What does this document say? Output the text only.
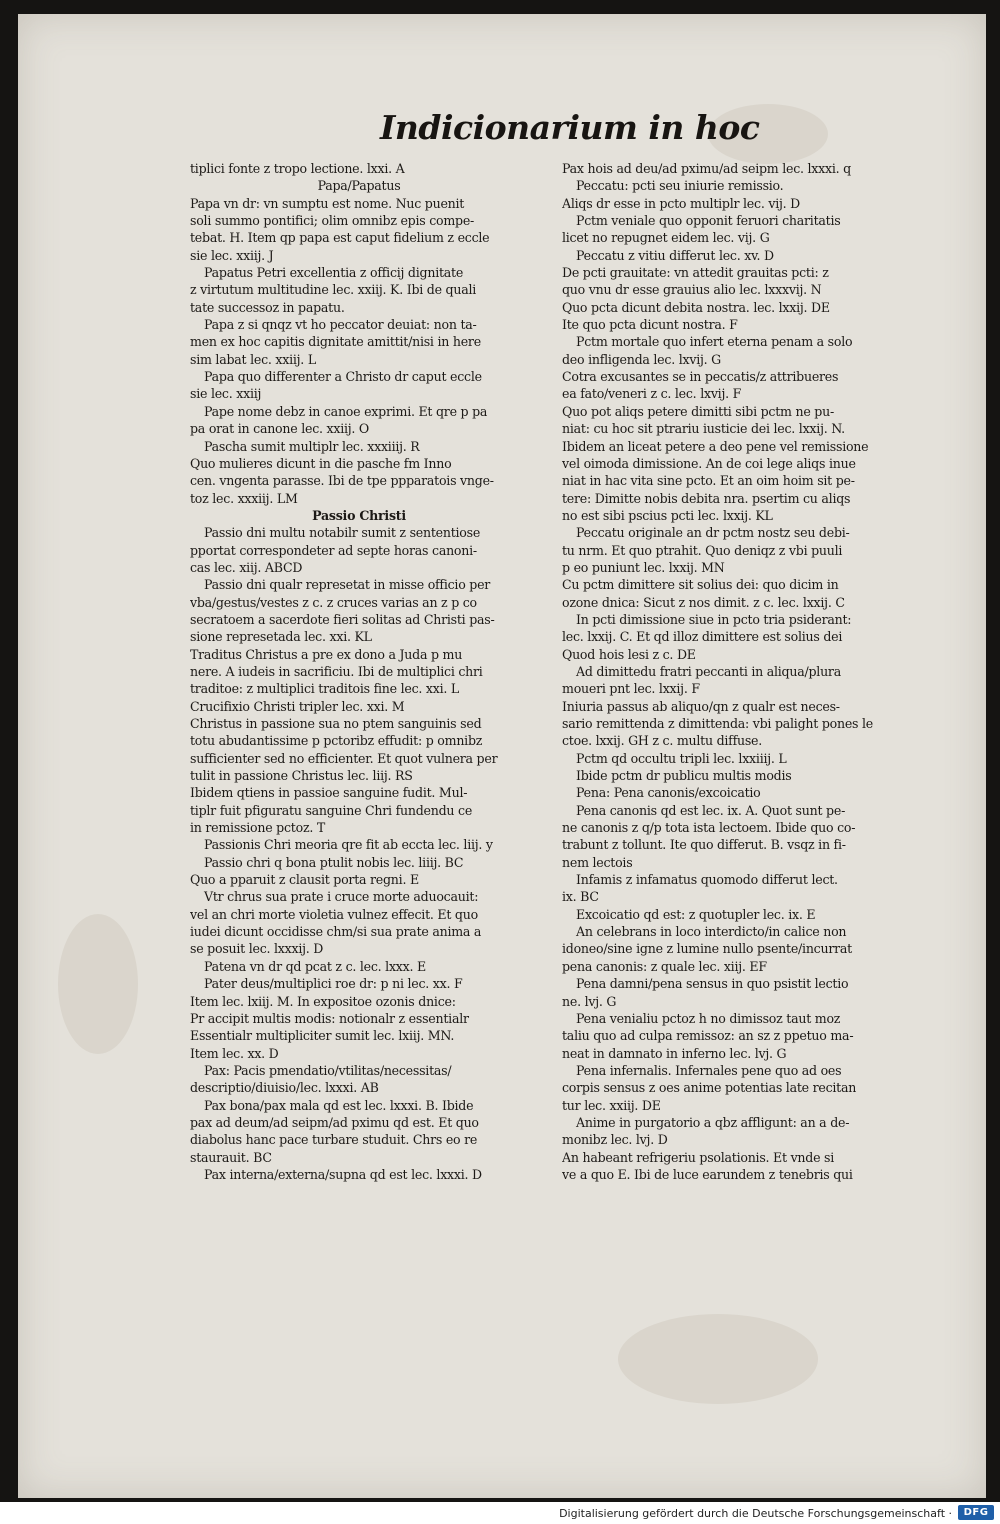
Indicionarium in hoc
tiplici fonte z tropo lectione. lxxi. A
Papa/Papatus
Papa vn dr: vn sumptu est nome. Nuc puenit
soli summo pontifici; olim omnibz epis compe-
tebat. H. Item qp papa est caput fidelium z eccle
sie lec. xxiij. J
Papatus Petri excellentia z officij dignitate
z virtutum multitudine lec. xxiij. K. Ibi de quali
tate successoz in papatu.
Papa z si qnqz vt ho peccator deuiat: non ta-
men ex hoc capitis dignitate amittit/nisi in here
sim labat lec. xxiij. L
Papa quo differenter a Christo dr caput eccle
sie lec. xxiij
Pape nome debz in canoe exprimi. Et qre p pa
pa orat in canone lec. xxiij. O
Pascha sumit multiplr lec. xxxiiij. R
Quo mulieres dicunt in die pasche fm Inno
cen. vngenta parasse. Ibi de tpe ppparatois vnge-
toz lec. xxxiij. LM
Passio Christi
Passio dni multu notabilr sumit z sententiose
pportat correspondeter ad septe horas canoni-
cas lec. xiij. ABCD
Passio dni qualr represetat in misse officio per
vba/gestus/vestes z c. z cruces varias an z p co
secratoem a sacerdote fieri solitas ad Christi pas-
sione represetada lec. xxi. KL
Traditus Christus a pre ex dono a Juda p mu
nere. A iudeis in sacrificiu. Ibi de multiplici chri
traditoe: z multiplici traditois fine lec. xxi. L
Crucifixio Christi tripler lec. xxi. M
Christus in passione sua no ptem sanguinis sed
totu abudantissime p pctoribz effudit: p omnibz
sufficienter sed no efficienter. Et quot vulnera per
tulit in passione Christus lec. liij. RS
Ibidem qtiens in passioe sanguine fudit. Mul-
tiplr fuit pfiguratu sanguine Chri fundendu ce
in remissione pctoz. T
Passionis Chri meoria qre fit ab eccta lec. liij. y
Passio chri q bona ptulit nobis lec. liiij. BC
Quo a pparuit z clausit porta regni. E
Vtr chrus sua prate i cruce morte aduocauit:
vel an chri morte violetia vulnez effecit. Et quo
iudei dicunt occidisse chm/si sua prate anima a
se posuit lec. lxxxij. D
Patena vn dr qd pcat z c. lec. lxxx. E
Pater deus/multiplici roe dr: p ni lec. xx. F
Item lec. lxiij. M. In expositoe ozonis dnice:
Pr accipit multis modis: notionalr z essentialr
Essentialr multipliciter sumit lec. lxiij. MN.
Item lec. xx. D
Pax: Pacis pmendatio/vtilitas/necessitas/
descriptio/diuisio/lec. lxxxi. AB
Pax bona/pax mala qd est lec. lxxxi. B. Ibide
pax ad deum/ad seipm/ad pximu qd est. Et quo
diabolus hanc pace turbare studuit. Chrs eo re
staurauit. BC
Pax interna/externa/supna qd est lec. lxxxi. D
Pax hois ad deu/ad pximu/ad seipm lec. lxxxi. q
Peccatu: pcti seu iniurie remissio.
Aliqs dr esse in pcto multiplr lec. vij. D
Pctm veniale quo opponit feruori charitatis
licet no repugnet eidem lec. vij. G
Peccatu z vitiu differut lec. xv. D
De pcti grauitate: vn attedit grauitas pcti: z
quo vnu dr esse grauius alio lec. lxxxvij. N
Quo pcta dicunt debita nostra. lec. lxxij. DE
Ite quo pcta dicunt nostra. F
Pctm mortale quo infert eterna penam a solo
deo infligenda lec. lxvij. G
Cotra excusantes se in peccatis/z attribueres
ea fato/veneri z c. lec. lxvij. F
Quo pot aliqs petere dimitti sibi pctm ne pu-
niat: cu hoc sit ptrariu iusticie dei lec. lxxij. N.
Ibidem an liceat petere a deo pene vel remissione
vel oimoda dimissione. An de coi lege aliqs inue
niat in hac vita sine pcto. Et an oim hoim sit pe-
tere: Dimitte nobis debita nra. psertim cu aliqs
no est sibi pscius pcti lec. lxxij. KL
Peccatu originale an dr pctm nostz seu debi-
tu nrm. Et quo ptrahit. Quo deniqz z vbi puuli
p eo puniunt lec. lxxij. MN
Cu pctm dimittere sit solius dei: quo dicim in
ozone dnica: Sicut z nos dimit. z c. lec. lxxij. C
In pcti dimissione siue in pcto tria psiderant:
lec. lxxij. C. Et qd illoz dimittere est solius dei
Quod hois lesi z c. DE
Ad dimittedu fratri peccanti in aliqua/plura
moueri pnt lec. lxxij. F
Iniuria passus ab aliquo/qn z qualr est neces-
sario remittenda z dimittenda: vbi palight pones le
ctoe. lxxij. GH z c. multu diffuse.
Pctm qd occultu tripli lec. lxxiiij. L
Ibide pctm dr publicu multis modis
Pena: Pena canonis/excoicatio
Pena canonis qd est lec. ix. A. Quot sunt pe-
ne canonis z q/p tota ista lectoem. Ibide quo co-
trabunt z tollunt. Ite quo differut. B. vsqz in fi-
nem lectois
Infamis z infamatus quomodo differut lect.
ix. BC
Excoicatio qd est: z quotupler lec. ix. E
An celebrans in loco interdicto/in calice non
idoneo/sine igne z lumine nullo psente/incurrat
pena canonis: z quale lec. xiij. EF
Pena damni/pena sensus in quo psistit lectio
ne. lvj. G
Pena venialiu pctoz h no dimissoz taut moz
taliu quo ad culpa remissoz: an sz z ppetuo ma-
neat in damnato in inferno lec. lvj. G
Pena infernalis. Infernales pene quo ad oes
corpis sensus z oes anime potentias late recitan
tur lec. xxiij. DE
Anime in purgatorio a qbz affligunt: an a de-
monibz lec. lvj. D
An habeant refrigeriu psolationis. Et vnde si
ve a quo E. Ibi de luce earundem z tenebris qui
Digitalisierung gefördert durch die Deutsche Forschungsgemeinschaft ·	DFG
